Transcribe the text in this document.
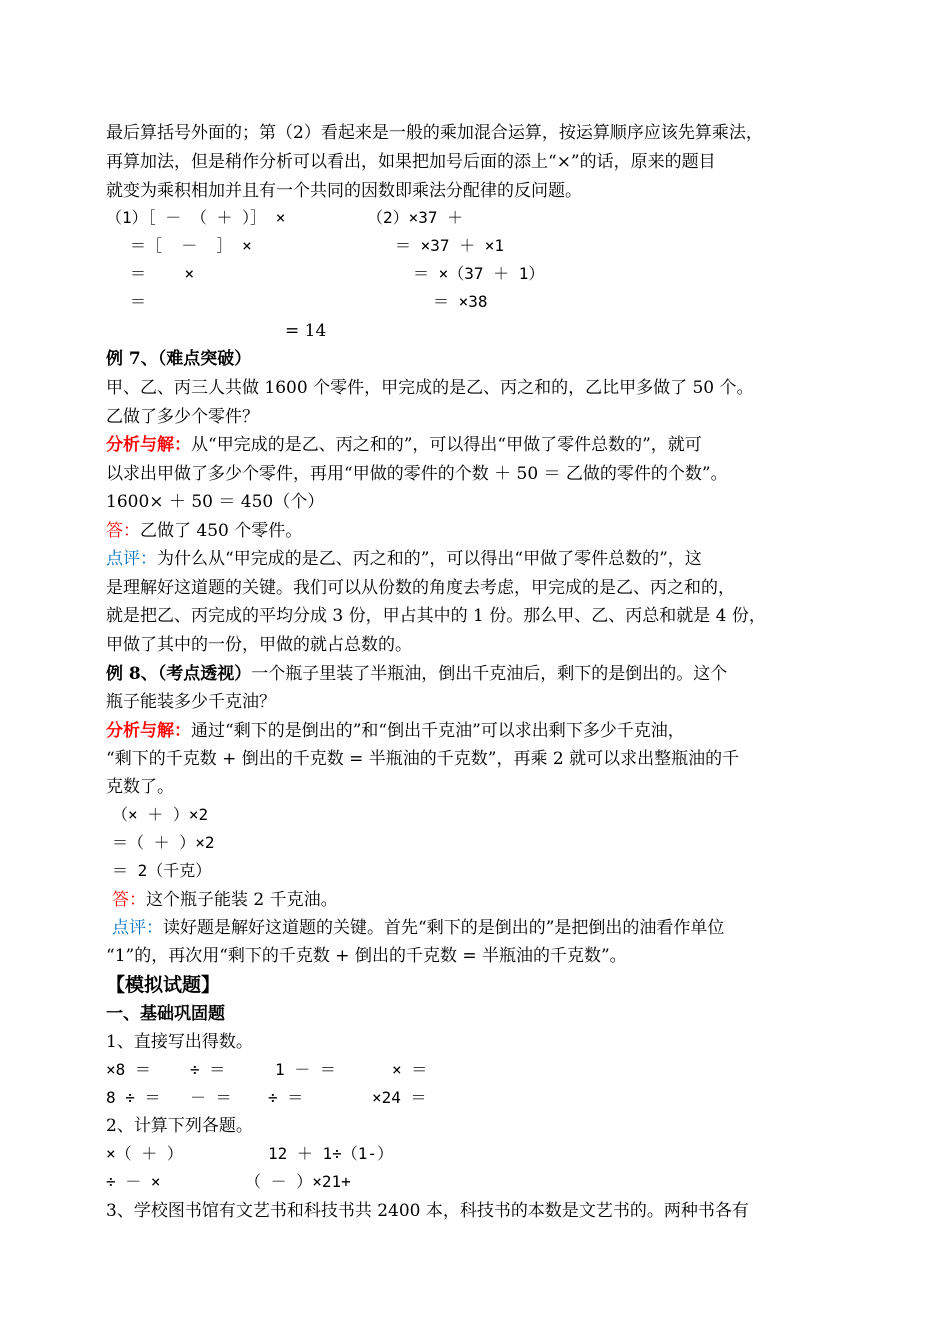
最后算括号外面的；第（2）看起来是一般的乘加混合运算，按运算顺序应该先算乘法，
再算加法，但是稍作分析可以看出，如果把加号后面的添上“×”的话，原来的题目
就变为乘积相加并且有一个共同的因数即乘法分配律的反问题。
（1）［ － （ ＋ ）］ ×
＝［  －  ］ ×
＝    ×
＝
（2）×37 ＋
＝ ×37 ＋ ×1
＝ ×（37 ＋ 1）
＝ ×38
= 14
例 7、（难点突破）
甲、乙、丙三人共做 1600 个零件，甲完成的是乙、丙之和的，乙比甲多做了 50 个。
乙做了多少个零件？
分析与解：从“甲完成的是乙、丙之和的”，可以得出“甲做了零件总数的”，就可
以求出甲做了多少个零件，再用“甲做的零件的个数 ＋ 50 ＝ 乙做的零件的个数”。
1600× ＋ 50 ＝ 450（个）
答：乙做了 450 个零件。
点评：为什么从“甲完成的是乙、丙之和的”，可以得出“甲做了零件总数的”，这
是理解好这道题的关键。我们可以从份数的角度去考虑，甲完成的是乙、丙之和的，
就是把乙、丙完成的平均分成 3 份，甲占其中的 1 份。那么甲、乙、丙总和就是 4 份，
甲做了其中的一份，甲做的就占总数的。
例 8、（考点透视）一个瓶子里装了半瓶油，倒出千克油后，剩下的是倒出的。这个
瓶子能装多少千克油？
分析与解：通过“剩下的是倒出的”和“倒出千克油”可以求出剩下多少千克油，
“剩下的千克数 + 倒出的千克数 = 半瓶油的千克数”，再乘 2 就可以求出整瓶油的千
克数了。
（× ＋ ）×2
＝（ ＋ ）×2
＝ 2（千克）
答：这个瓶子能装 2 千克油。
点评：读好题是解好这道题的关键。首先“剩下的是倒出的”是把倒出的油看作单位
“1”的，再次用“剩下的千克数 + 倒出的千克数 = 半瓶油的千克数”。
【模拟试题】
一、基础巩固题
1、直接写出得数。
×8 ＝ ÷ ＝	1 － ＝	× ＝
8 ÷ ＝ － ＝ ÷ ＝	×24 ＝
2、计算下列各题。
×（ ＋ ）	12 ＋ 1÷（1-）
÷ － ×	（ － ）×21+
3、学校图书馆有文艺书和科技书共 2400 本，科技书的本数是文艺书的。两种书各有
